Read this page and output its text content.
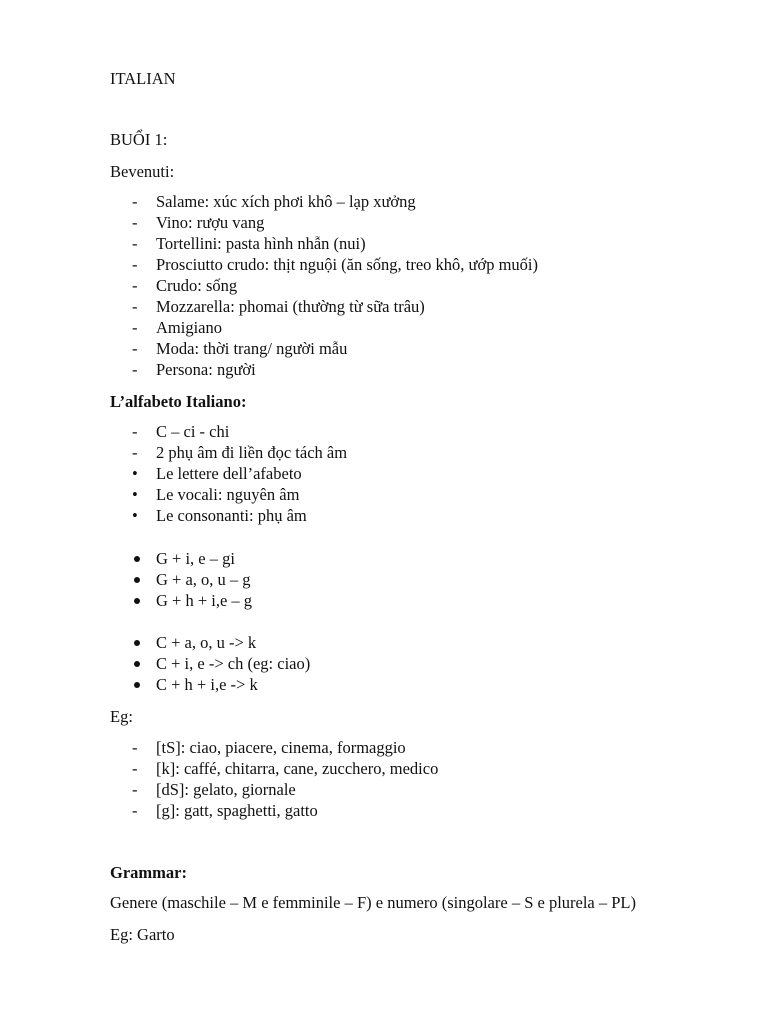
ITALIAN
BUỔI 1:
Bevenuti:
-	Salame: xúc xích phơi khô – lạp xưởng
-	Vino: rượu vang
-	Tortellini: pasta hình nhẫn (nui)
-	Prosciutto crudo: thịt nguội (ăn sống, treo khô, ướp muối)
-	Crudo: sống
-	Mozzarella: phomai (thường từ sữa trâu)
-	Amigiano
-	Moda: thời trang/ người mẫu
-	Persona: người
L’alfabeto Italiano:
-	C – ci - chi
-	2 phụ âm đi liền đọc tách âm
•	Le lettere dell’afabeto
•	Le vocali: nguyên âm
•	Le consonanti: phụ âm
G + i, e – gi
G + a, o, u – g
G + h + i,e – g
C + a, o, u -> k
C + i, e -> ch (eg: ciao)
C + h + i,e -> k
Eg:
-	[tS]: ciao, piacere, cinema, formaggio
-	[k]: caffé, chitarra, cane, zucchero, medico
-	[dS]: gelato, giornale
-	[g]: gatt, spaghetti, gatto
Grammar:
Genere (maschile – M e femminile – F) e numero (singolare – S e plurela – PL)
Eg: Garto
